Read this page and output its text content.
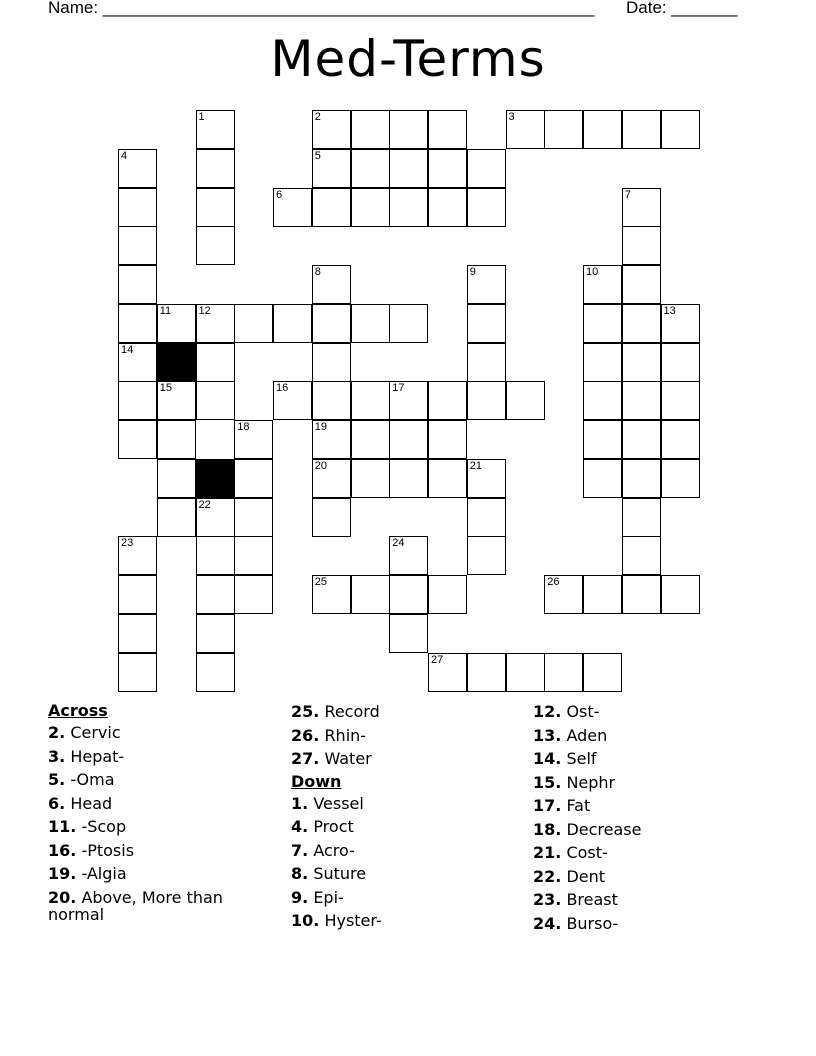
Name: ____________________________________________________ Date: _______
Med-Terms
2	3
5
6
11 12
16	17
19
20	21
25	26
27
1
4
7
8	9	10
13
14
15
18
22
23	24
Across
2. Cervic
3. Hepat-
5. -Oma
6. Head
11. -Scop
16. -Ptosis
19. -Algia
20. Above, More than normal
25. Record
26. Rhin-
27. Water
Down
1. Vessel
4. Proct
7. Acro-
8. Suture
9. Epi-
10. Hyster-
12. Ost-
13. Aden
14. Self
15. Nephr
17. Fat
18. Decrease
21. Cost-
22. Dent
23. Breast
24. Burso-
